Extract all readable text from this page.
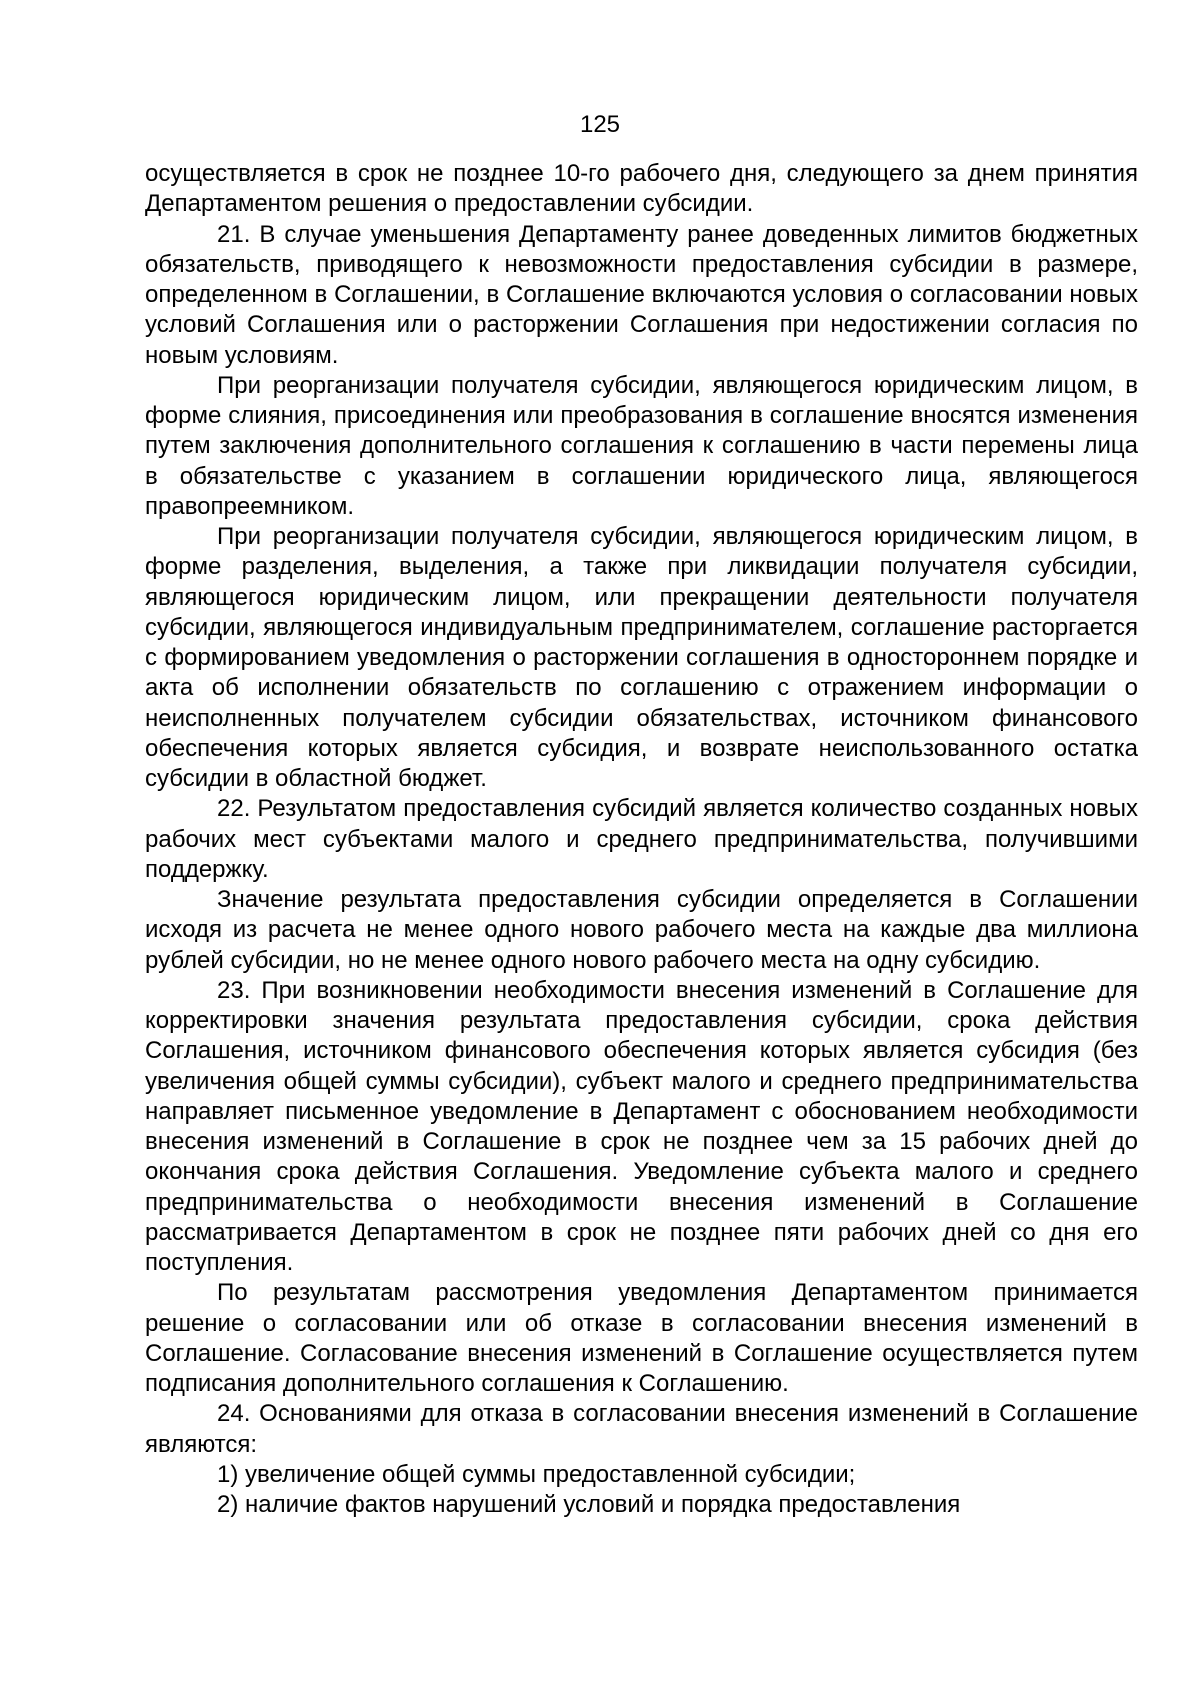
125

осуществляется в срок не позднее 10-го рабочего дня, следующего за днем принятия Департаментом решения о предоставлении субсидии.

21. В случае уменьшения Департаменту ранее доведенных лимитов бюджетных обязательств, приводящего к невозможности предоставления субсидии в размере, определенном в Соглашении, в Соглашение включаются условия о согласовании новых условий Соглашения или о расторжении Соглашения при недостижении согласия по новым условиям.

При реорганизации получателя субсидии, являющегося юридическим лицом, в форме слияния, присоединения или преобразования в соглашение вносятся изменения путем заключения дополнительного соглашения к соглашению в части перемены лица в обязательстве с указанием в соглашении юридического лица, являющегося правопреемником.

При реорганизации получателя субсидии, являющегося юридическим лицом, в форме разделения, выделения, а также при ликвидации получателя субсидии, являющегося юридическим лицом, или прекращении деятельности получателя субсидии, являющегося индивидуальным предпринимателем, соглашение расторгается с формированием уведомления о расторжении соглашения в одностороннем порядке и акта об исполнении обязательств по соглашению с отражением информации о неисполненных получателем субсидии обязательствах, источником финансового обеспечения которых является субсидия, и возврате неиспользованного остатка субсидии в областной бюджет.

22. Результатом предоставления субсидий является количество созданных новых рабочих мест субъектами малого и среднего предпринимательства, получившими поддержку.

Значение результата предоставления субсидии определяется в Соглашении исходя из расчета не менее одного нового рабочего места на каждые два миллиона рублей субсидии, но не менее одного нового рабочего места на одну субсидию.

23. При возникновении необходимости внесения изменений в Соглашение для корректировки значения результата предоставления субсидии, срока действия Соглашения, источником финансового обеспечения которых является субсидия (без увеличения общей суммы субсидии), субъект малого и среднего предпринимательства направляет письменное уведомление в Департамент с обоснованием необходимости внесения изменений в Соглашение в срок не позднее чем за 15 рабочих дней до окончания срока действия Соглашения. Уведомление субъекта малого и среднего предпринимательства о необходимости внесения изменений в Соглашение рассматривается Департаментом в срок не позднее пяти рабочих дней со дня его поступления.

По результатам рассмотрения уведомления Департаментом принимается решение о согласовании или об отказе в согласовании внесения изменений в Соглашение. Согласование внесения изменений в Соглашение осуществляется путем подписания дополнительного соглашения к Соглашению.

24. Основаниями для отказа в согласовании внесения изменений в Соглашение являются:

1) увеличение общей суммы предоставленной субсидии;

2) наличие фактов нарушений условий и порядка предоставления
